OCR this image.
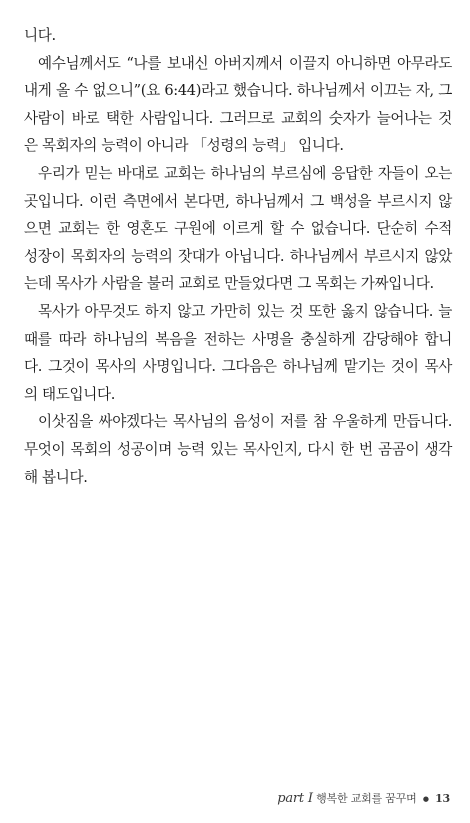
니다.
예수님께서도 “나를 보내신 아버지께서 이끌지 아니하면 아무라도
내게 올 수 없으니”(요 6:44)라고 했습니다. 하나님께서 이끄는 자, 그
사람이 바로 택한 사람입니다. 그러므로 교회의 숫자가 늘어나는 것
은 목회자의 능력이 아니라 「성령의 능력」 입니다.
우리가 믿는 바대로 교회는 하나님의 부르심에 응답한 자들이 오는
곳입니다. 이런 측면에서 본다면, 하나님께서 그 백성을 부르시지 않
으면 교회는 한 영혼도 구원에 이르게 할 수 없습니다. 단순히 수적
성장이 목회자의 능력의 잣대가 아닙니다. 하나님께서 부르시지 않았
는데 목사가 사람을 불러 교회로 만들었다면 그 목회는 가짜입니다.
목사가 아무것도 하지 않고 가만히 있는 것 또한 옳지 않습니다. 늘
때를 따라 하나님의 복음을 전하는 사명을 충실하게 감당해야 합니
다. 그것이 목사의 사명입니다. 그다음은 하나님께 맡기는 것이 목사
의 태도입니다.
이삿짐을 싸야겠다는 목사님의 음성이 저를 참 우울하게 만듭니다.
무엇이 목회의 성공이며 능력 있는 목사인지, 다시 한 번 곰곰이 생각
해 봅니다.
part I 행복한 교회를 꿈꾸며 ● 13
